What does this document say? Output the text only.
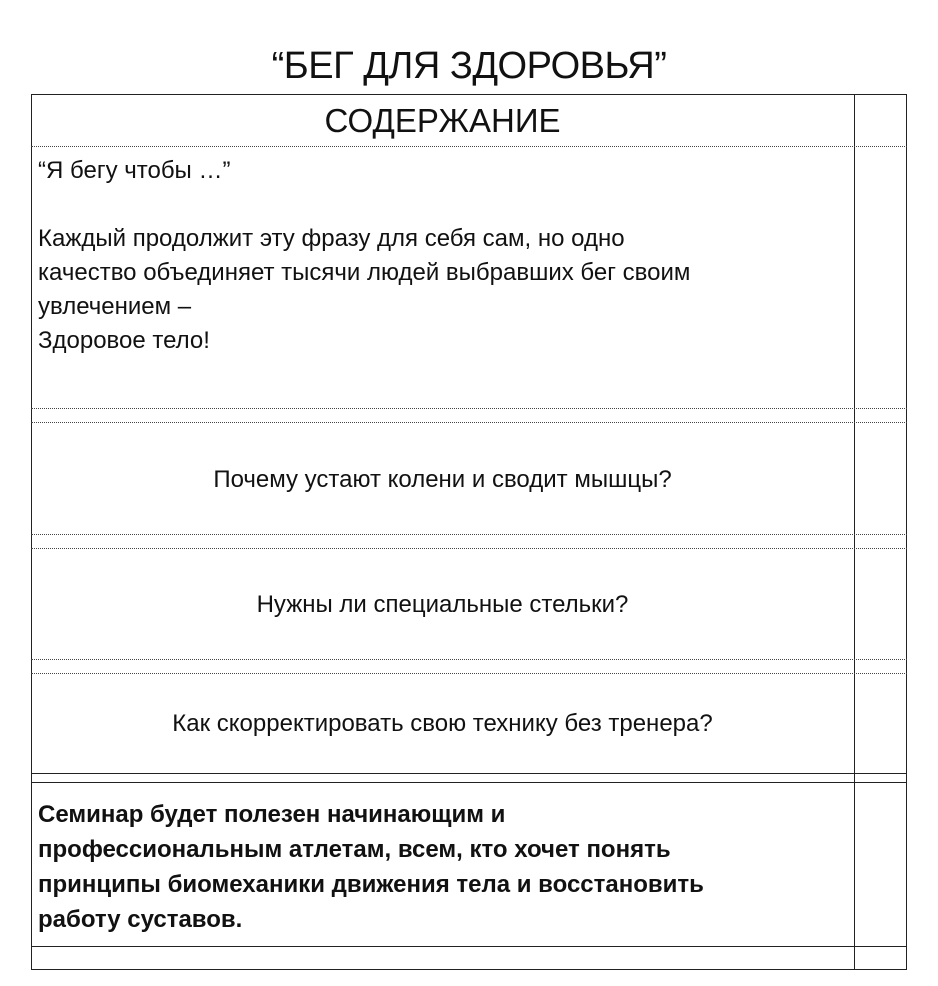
“БЕГ ДЛЯ ЗДОРОВЬЯ”
СОДЕРЖАНИЕ

“Я бегу чтобы …”

Каждый продолжит эту фразу для себя сам, но одно

качество объединяет тысячи людей выбравших бег своим

увлечением –

Здоровое тело!

Почему устают колени и сводит мышцы?
Нужны ли специальные стельки?
Как скорректировать свою технику без тренера?

Семинар будет полезен начинающим и

профессиональным атлетам, всем, кто хочет понять

принципы биомеханики движения тела и восстановить

работу суставов.
